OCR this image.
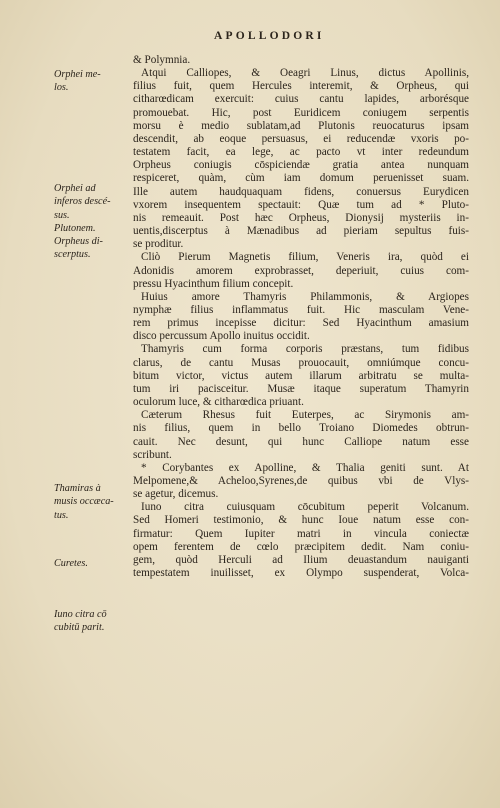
APOLLODORI
Orphei me-
los.
Orphei ad
inferos descé-
sus.
Plutonem.
Orpheus di-
scerptus.
Thamiras à
musis occæca-
tus.
Curetes.
Iuno citra cō
cubitū parit.
& Polymnia.
Atqui Calliopes, & Oeagri Linus, dictus Apollinis,
filius fuit, quem Hercules interemit, & Orpheus, qui
citharœdicam exercuit: cuius cantu lapides, arborésque
promouebat. Hic, post Euridicem coniugem serpentis
morsu è medio sublatam,ad Plutonis reuocaturus ipsam
descendit, ab eoque persuasus, ei reducendæ vxoris po-
testatem facit, ea lege, ac pacto vt inter redeundum
Orpheus coniugis cōspiciendæ gratia antea nunquam
respiceret, quàm, cùm iam domum peruenisset suam.
Ille autem haudquaquam fidens, conuersus Eurydicen
vxorem insequentem spectauit: Quæ tum ad * Pluto-
nis remeauit. Post hæc Orpheus, Dionysij mysteriis in-
uentis,discerptus à Mænadibus ad pieriam sepultus fuis-
se proditur.
Cliò Pierum Magnetis filium, Veneris ira, quòd ei
Adonidis amorem exprobrasset, deperiuit, cuius com-
pressu Hyacinthum filium concepit.
Huius amore Thamyris Philammonis, & Argiopes
nymphæ filius inflammatus fuit. Hic masculam Vene-
rem primus incepisse dicitur: Sed Hyacinthum amasium
disco percussum Apollo inuitus occidit.
Thamyris cum forma corporis præstans, tum fidibus
clarus, de cantu Musas prouocauit, omniúmque concu-
bitum victor, victus autem illarum arbitratu se multa-
tum iri pacisceitur. Musæ itaque superatum Thamyrin
oculorum luce, & citharœdica priuant.
Cæterum Rhesus fuit Euterpes, ac Sirymonis am-
nis filius, quem in bello Troiano Diomedes obtrun-
cauit. Nec desunt, qui hunc Calliope natum esse
scribunt.
* Corybantes ex Apolline, & Thalia geniti sunt. At
Melpomene,& Acheloo,Syrenes,de quibus vbi de Vlys-
se agetur, dicemus.
Iuno citra cuiusquam cōcubitum peperit Volcanum.
Sed Homeri testimonio, & hunc Ioue natum esse con-
firmatur: Quem Iupiter matri in vincula coniectæ
opem ferentem de cœlo præcipitem dedit. Nam coniu-
gem, quòd Herculi ad Ilium deuastandum nauiganti
tempestatem inuilisset, ex Olympo suspenderat, Volca-
